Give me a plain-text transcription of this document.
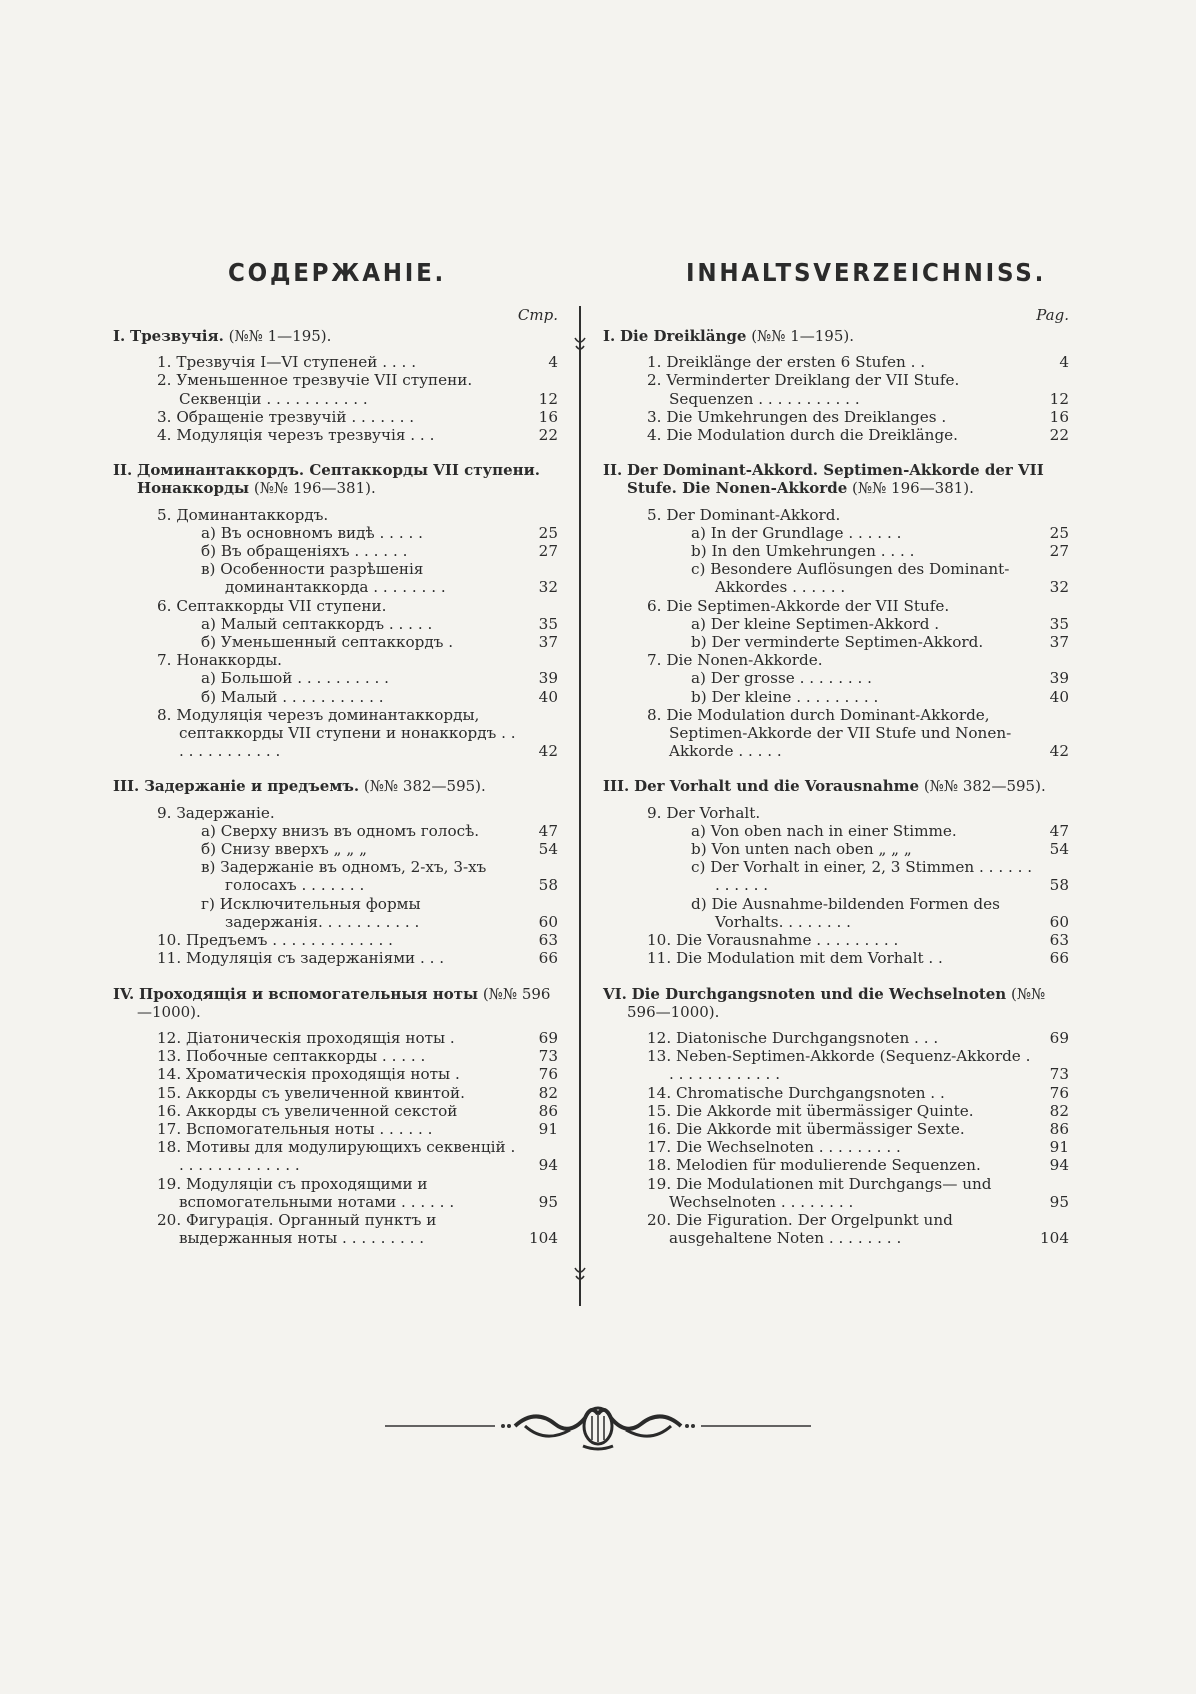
СОДЕРЖАНІЕ.	INHALTSVERZEICHNISS.
Стр.
I. Трезвучія. (№№ 1—195).
1. Трезвучія I—VI ступеней . . . .	4
2. Уменьшенное трезвучіе VII ступени. Секвенціи . . . . . . . . . . .	12
3. Обращеніе трезвучій . . . . . . .	16
4. Модуляція черезъ трезвучія . . .	22
II. Доминантаккордъ. Септаккорды VII ступени. Нонаккорды (№№ 196—381).
5. Доминантаккордъ.
а) Въ основномъ видѣ . . . . .	25
б) Въ обращеніяхъ . . . . . .	27
в) Особенности разрѣшенія доминантаккорда . . . . . . . .	32
6. Септаккорды VII ступени.
а) Малый септаккордъ . . . . .	35
б) Уменьшенный септаккордъ .	37
7. Нонаккорды.
а) Большой . . . . . . . . . .	39
б) Малый . . . . . . . . . . .	40
8. Модуляція черезъ доминантаккорды, септаккорды VII ступени и нонаккордъ . . . . . . . . . . . . .	42
III. Задержаніе и предъемъ. (№№ 382—595).
9. Задержаніе.
а) Сверху внизъ въ одномъ голосѣ.	47
б) Снизу вверхъ „ „ „	54
в) Задержаніе въ одномъ, 2-хъ, 3-хъ голосахъ . . . . . . .	58
г) Исключительныя формы задержанія. . . . . . . . . . .	60
10. Предъемъ . . . . . . . . . . . . .	63
11. Модуляція съ задержаніями . . .	66
IV. Проходящія и вспомогательныя ноты (№№ 596—1000).
12. Діатоническія проходящія ноты .	69
13. Побочные септаккорды . . . . .	73
14. Хроматическія проходящія ноты .	76
15. Аккорды съ увеличенной квинтой.	82
16. Аккорды съ увеличенной секстой	86
17. Вспомогательныя ноты . . . . . .	91
18. Мотивы для модулирующихъ секвенцій . . . . . . . . . . . . . .	94
19. Модуляціи съ проходящими и вспомогательными нотами . . . . . .	95
20. Фигурація. Органный пунктъ и выдержанныя ноты . . . . . . . . .	104
Pag.
I. Die Dreiklänge (№№ 1—195).
1. Dreiklänge der ersten 6 Stufen . .	4
2. Verminderter Dreiklang der VII Stufe. Sequenzen . . . . . . . . . . .	12
3. Die Umkehrungen des Dreiklanges .	16
4. Die Modulation durch die Dreiklänge.	22
II. Der Dominant-Akkord. Septimen-Akkorde der VII Stufe. Die Nonen-Akkorde (№№ 196—381).
5. Der Dominant-Akkord.
a) In der Grundlage . . . . . .	25
b) In den Umkehrungen . . . .	27
c) Besondere Auflösungen des Dominant-Akkordes . . . . . .	32
6. Die Septimen-Akkorde der VII Stufe.
a) Der kleine Septimen-Akkord .	35
b) Der verminderte Septimen-Akkord.	37
7. Die Nonen-Akkorde.
a) Der grosse . . . . . . . .	39
b) Der kleine . . . . . . . . .	40
8. Die Modulation durch Dominant-Akkorde, Septimen-Akkorde der VII Stufe und Nonen-Akkorde . . . . .	42
III. Der Vorhalt und die Vorausnahme (№№ 382—595).
9. Der Vorhalt.
a) Von oben nach in einer Stimme.	47
b) Von unten nach oben „ „ „	54
c) Der Vorhalt in einer, 2, 3 Stimmen . . . . . . . . . . . .	58
d) Die Ausnahme-bildenden Formen des Vorhalts. . . . . . . .	60
10. Die Vorausnahme . . . . . . . . .	63
11. Die Modulation mit dem Vorhalt . .	66
VI. Die Durchgangsnoten und die Wechselnoten (№№ 596—1000).
12. Diatonische Durchgangsnoten . . .	69
13. Neben-Septimen-Akkorde (Sequenz-Akkorde . . . . . . . . . . . . .	73
14. Chromatische Durchgangsnoten . .	76
15. Die Akkorde mit übermässiger Quinte.	82
16. Die Akkorde mit übermässiger Sexte.	86
17. Die Wechselnoten . . . . . . . . .	91
18. Melodien für modulierende Sequenzen.	94
19. Die Modulationen mit Durchgangs— und Wechselnoten . . . . . . . .	95
20. Die Figuration. Der Orgelpunkt und ausgehaltene Noten . . . . . . . .	104
